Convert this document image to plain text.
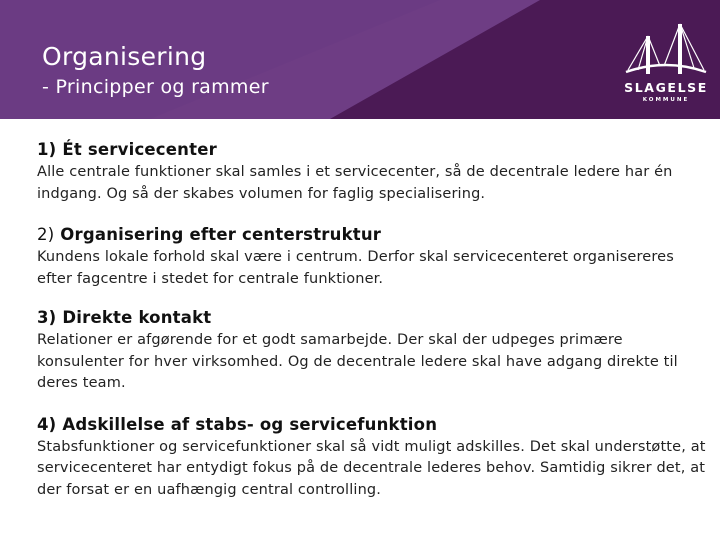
Organisering
- Principper og rammer	SLAGELSE
KOMMUNE

1) Ét servicecenter

Alle centrale funktioner skal samles i et servicecenter, så de decentrale ledere har én indgang. Og så der skabes volumen for faglig specialisering.

2) Organisering efter centerstruktur

Kundens lokale forhold skal være i centrum. Derfor skal servicecenteret organisereres efter fagcentre i stedet for centrale funktioner.

3) Direkte kontakt

Relationer er afgørende for et godt samarbejde. Der skal der udpeges primære konsulenter for hver virksomhed. Og de decentrale ledere skal have adgang direkte til deres team.

4) Adskillelse af stabs- og servicefunktion

Stabsfunktioner og servicefunktioner skal så vidt muligt adskilles. Det skal understøtte, at servicecenteret har entydigt fokus på de decentrale lederes behov. Samtidig sikrer det, at der forsat er en uafhængig central controlling.
